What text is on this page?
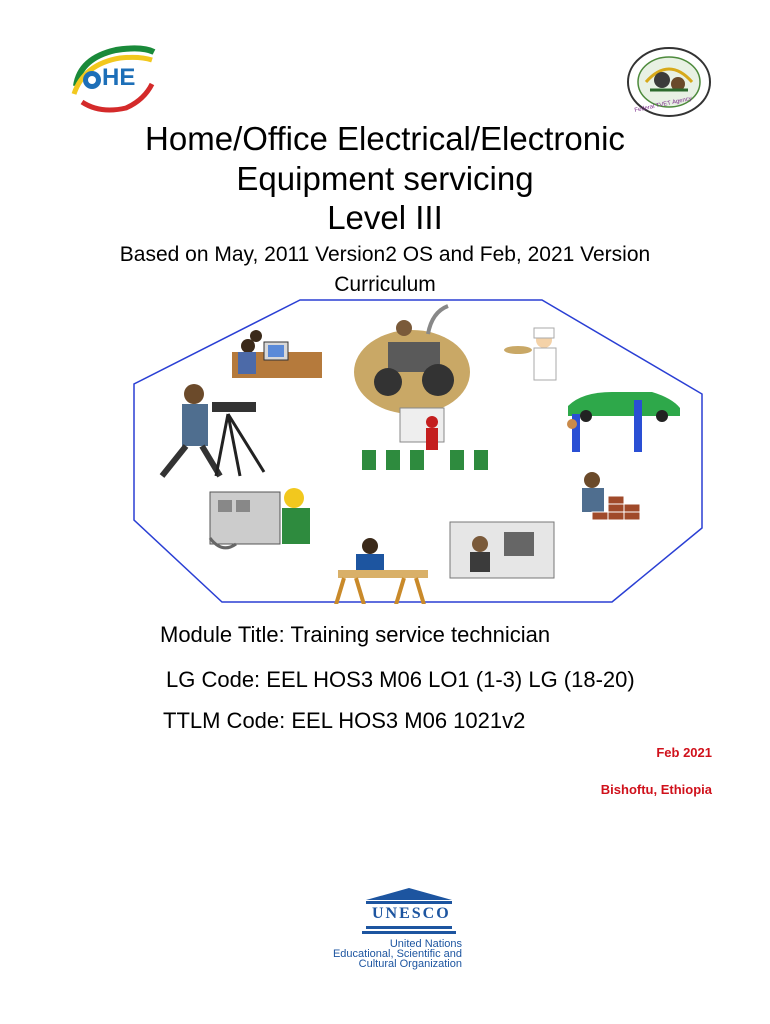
HE
Federal TVET Agency
Home/Office Electrical/Electronic
Equipment servicing
Level III
Based on May, 2011 Version2 OS and Feb, 2021 Version
Curriculum
Module Title: Training service technician
LG Code: EEL HOS3 M06 LO1 (1-3) LG (18-20)
TTLM Code: EEL HOS3 M06 1021v2
Feb 2021
Bishoftu, Ethiopia
UNESCO
United Nations
Educational, Scientific and
Cultural Organization
